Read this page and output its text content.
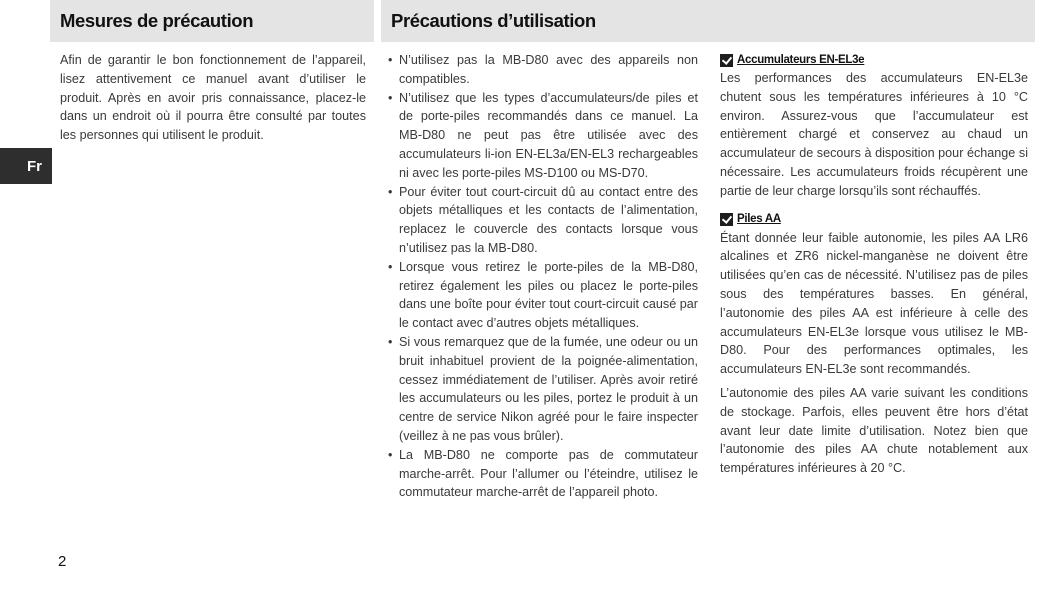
Fr
Mesures de précaution	Précautions d’utilisation

Afin de garantir le bon fonctionnement de l’appareil, lisez attentivement ce manuel avant d’utiliser le produit. Après en avoir pris connaissance, placez-le dans un endroit où il pourra être consulté par toutes les personnes qui utilisent le produit.

• N’utilisez pas la MB-D80 avec des appareils non compatibles.
• N’utilisez que les types d’accumulateurs/de piles et de porte-piles recommandés dans ce manuel. La MB-D80 ne peut pas être utilisée avec des accumulateurs li-ion EN-EL3a/EN-EL3 rechargeables ni avec les porte-piles MS-D100 ou MS-D70.
• Pour éviter tout court-circuit dû au contact entre des objets métalliques et les contacts de l’alimentation, replacez le couvercle des contacts lorsque vous n’utilisez pas la MB-D80.
• Lorsque vous retirez le porte-piles de la MB-D80, retirez également les piles ou placez le porte-piles dans une boîte pour éviter tout court-circuit causé par le contact avec d’autres objets métalliques.
• Si vous remarquez que de la fumée, une odeur ou un bruit inhabituel provient de la poignée-alimentation, cessez immédiatement de l’utiliser. Après avoir retiré les accumulateurs ou les piles, portez le produit à un centre de service Nikon agréé pour le faire inspecter (veillez à ne pas vous brûler).
• La MB-D80 ne comporte pas de commutateur marche-arrêt. Pour l’allumer ou l’éteindre, utilisez le commutateur marche-arrêt de l’appareil photo.
Accumulateurs EN-EL3e

Les performances des accumulateurs EN-EL3e chutent sous les températures inférieures à 10 °C environ. Assurez-vous que l’accumulateur est entièrement chargé et conservez au chaud un accumulateur de secours à disposition pour échange si nécessaire. Les accumulateurs froids récupèrent une partie de leur charge lorsqu’ils sont réchauffés.

Piles AA

Étant donnée leur faible autonomie, les piles AA LR6 alcalines et ZR6 nickel-manganèse ne doivent être utilisées qu’en cas de nécessité. N’utilisez pas de piles sous des températures basses. En général, l’autonomie des piles AA est inférieure à celle des accumulateurs EN-EL3e lorsque vous utilisez le MB-D80. Pour des performances optimales, les accumulateurs EN-EL3e sont recommandés.

L’autonomie des piles AA varie suivant les conditions de stockage. Parfois, elles peuvent être hors d’état avant leur date limite d’utilisation. Notez bien que l’autonomie des piles AA chute notablement aux températures inférieures à 20 °C.

2
